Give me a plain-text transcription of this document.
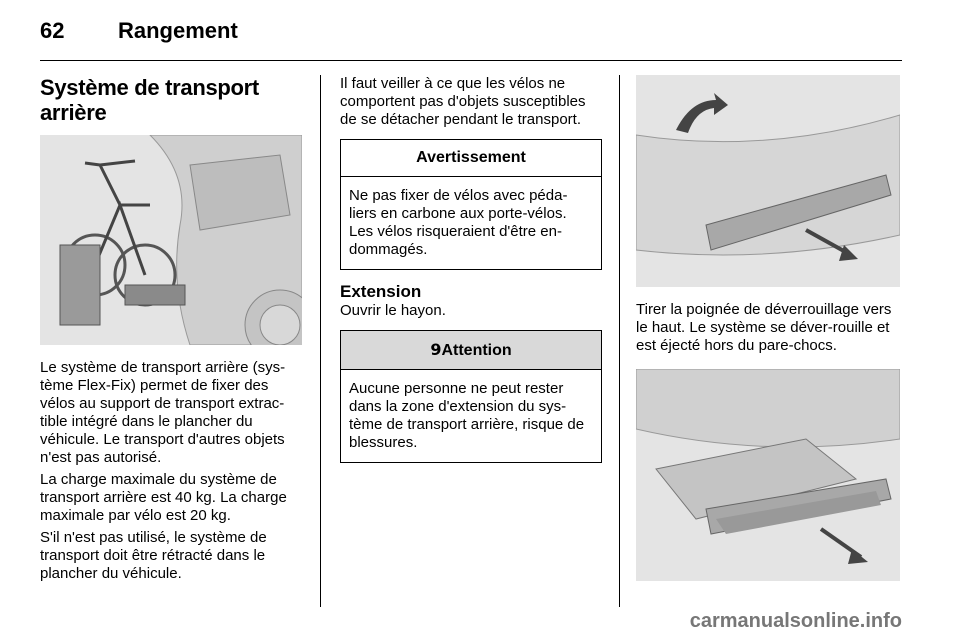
62 Rangement
Système de transport arrière

Le système de transport arrière (sys-tème Flex-Fix) permet de fixer des vélos au support de transport extrac-tible intégré dans le plancher du véhicule. Le transport d'autres objets n'est pas autorisé.

La charge maximale du système de transport arrière est 40 kg. La charge maximale par vélo est 20 kg.

S'il n'est pas utilisé, le système de transport doit être rétracté dans le plancher du véhicule.

Il faut veiller à ce que les vélos ne comportent pas d'objets susceptibles de se détacher pendant le transport.

Avertissement
Ne pas fixer de vélos avec péda-liers en carbone aux porte-vélos. Les vélos risqueraient d'être en-dommagés.
Extension

Ouvrir le hayon.

9Attention
Aucune personne ne peut rester dans la zone d'extension du sys-tème de transport arrière, risque de blessures.

Tirer la poignée de déverrouillage vers le haut. Le système se déver-rouille et est éjecté hors du pare-chocs.

carmanualsonline.info
